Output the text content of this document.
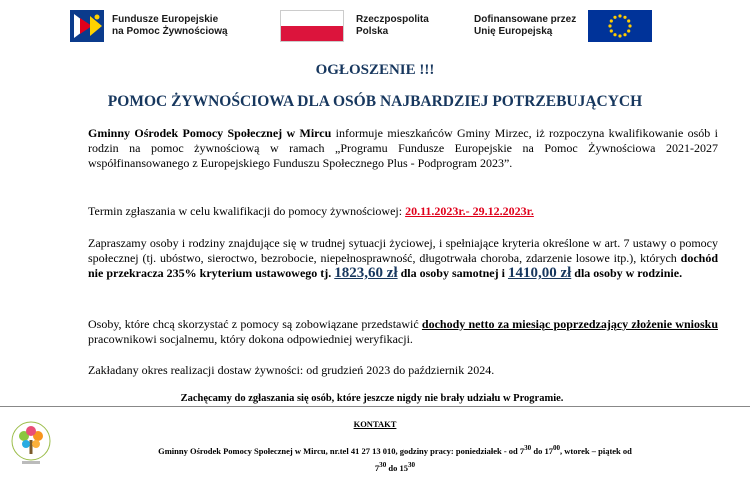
Fundusze Europejskie
na Pomoc Żywnościową
Rzeczpospolita
Polska
Dofinansowane przez
Unię Europejską
OGŁOSZENIE !!!
POMOC ŻYWNOŚCIOWA DLA OSÓB NAJBARDZIEJ POTRZEBUJĄCYCH
Gminny Ośrodek Pomocy Społecznej w Mircu informuje mieszkańców Gminy Mirzec, iż rozpoczyna kwalifikowanie osób i rodzin na pomoc żywnościową w ramach „Programu Fundusze Europejskie na Pomoc Żywnościowa 2021-2027 współfinansowanego z Europejskiego Funduszu Społecznego Plus - Podprogram 2023”.
Termin zgłaszania w celu kwalifikacji do pomocy żywnościowej: 20.11.2023r.- 29.12.2023r.
Zapraszamy osoby i rodziny znajdujące się w trudnej sytuacji życiowej, i spełniające kryteria określone w art. 7 ustawy o pomocy społecznej (tj. ubóstwo, sieroctwo, bezrobocie, niepełnosprawność, długotrwała choroba, zdarzenie losowe itp.), których dochód nie przekracza 235% kryterium ustawowego tj. 1823,60 zł dla osoby samotnej i 1410,00 zł dla osoby w rodzinie.
Osoby, które chcą skorzystać z pomocy są zobowiązane przedstawić dochody netto za miesiąc poprzedzający złożenie wniosku pracownikowi socjalnemu, który dokona odpowiedniej weryfikacji.
Zakładany okres realizacji dostaw żywności: od grudzień 2023 do październik 2024.
Zachęcamy do zgłaszania się osób, które jeszcze nigdy nie brały udziału w Programie.
KONTAKT
Gminny Ośrodek Pomocy Społecznej w Mircu, nr.tel 41 27 13 010, godziny pracy: poniedziałek - od $7^{30}$ do $17^{00}$, wtorek – piątek od
$7^{30}$ do $15^{30}$
